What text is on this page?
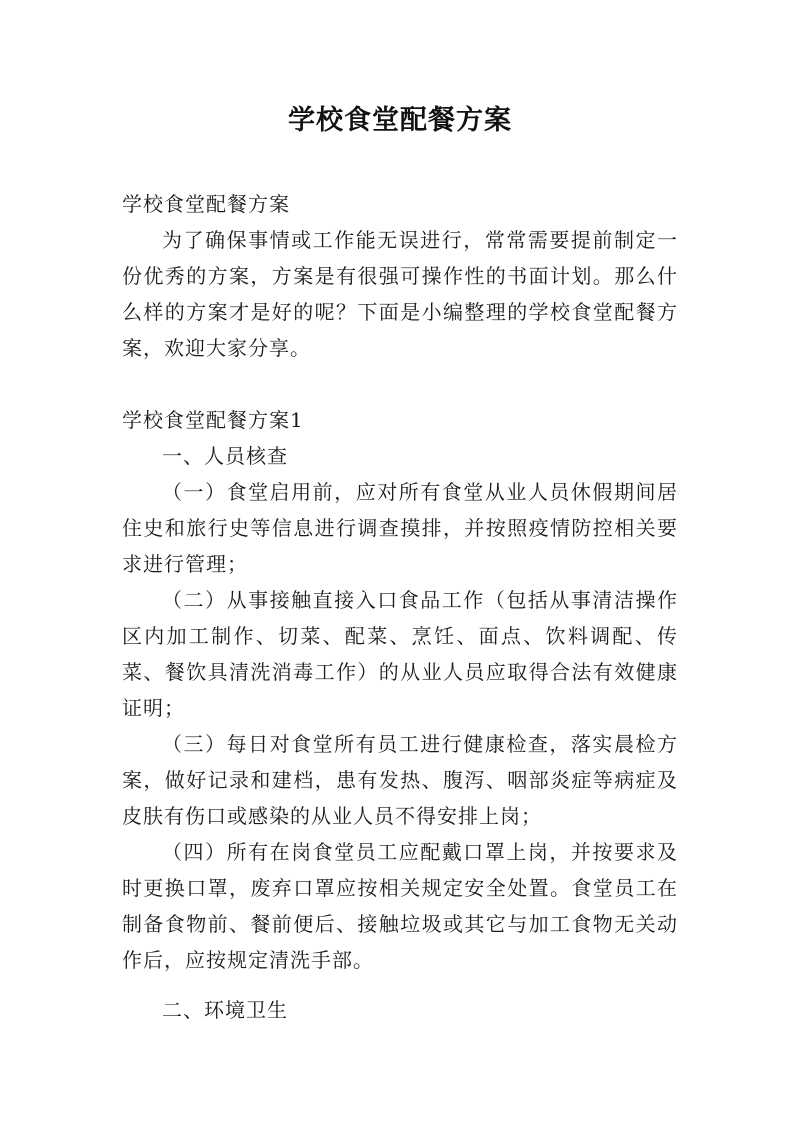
学校食堂配餐方案

学校食堂配餐方案

为了确保事情或工作能无误进行，常常需要提前制定一份优秀的方案，方案是有很强可操作性的书面计划。那么什么样的方案才是好的呢？下面是小编整理的学校食堂配餐方案，欢迎大家分享。

学校食堂配餐方案1

一、人员核查

（一）食堂启用前，应对所有食堂从业人员休假期间居住史和旅行史等信息进行调查摸排，并按照疫情防控相关要求进行管理；

（二）从事接触直接入口食品工作（包括从事清洁操作区内加工制作、切菜、配菜、烹饪、面点、饮料调配、传菜、餐饮具清洗消毒工作）的从业人员应取得合法有效健康证明；

（三）每日对食堂所有员工进行健康检查，落实晨检方案，做好记录和建档，患有发热、腹泻、咽部炎症等病症及皮肤有伤口或感染的从业人员不得安排上岗；

（四）所有在岗食堂员工应配戴口罩上岗，并按要求及时更换口罩，废弃口罩应按相关规定安全处置。食堂员工在制备食物前、餐前便后、接触垃圾或其它与加工食物无关动作后，应按规定清洗手部。

二、环境卫生
